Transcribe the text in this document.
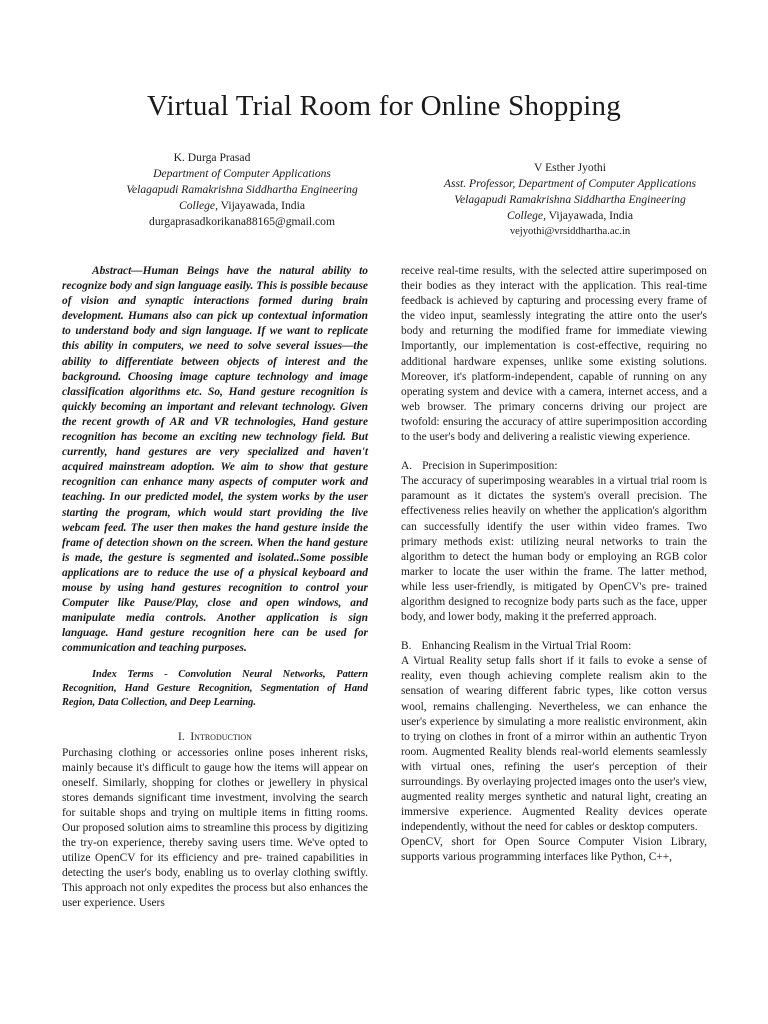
Virtual Trial Room for Online Shopping
K. Durga Prasad
Department of Computer Applications
Velagapudi Ramakrishna Siddhartha Engineering
College, Vijayawada, India
durgaprasadkorikana88165@gmail.com
V Esther Jyothi
Asst. Professor, Department of Computer Applications
Velagapudi Ramakrishna Siddhartha Engineering
College, Vijayawada, India
vejyothi@vrsiddhartha.ac.in

Abstract—Human Beings have the natural ability to recognize body and sign language easily. This is possible because of vision and synaptic interactions formed during brain development. Humans also can pick up contextual information to understand body and sign language. If we want to replicate this ability in computers, we need to solve several issues—the ability to differentiate between objects of interest and the background. Choosing image capture technology and image classification algorithms etc. So, Hand gesture recognition is quickly becoming an important and relevant technology. Given the recent growth of AR and VR technologies, Hand gesture recognition has become an exciting new technology field. But currently, hand gestures are very specialized and haven't acquired mainstream adoption. We aim to show that gesture recognition can enhance many aspects of computer work and teaching. In our predicted model, the system works by the user starting the program, which would start providing the live webcam feed. The user then makes the hand gesture inside the frame of detection shown on the screen. When the hand gesture is made, the gesture is segmented and isolated..Some possible applications are to reduce the use of a physical keyboard and mouse by using hand gestures recognition to control your Computer like Pause/Play, close and open windows, and manipulate media controls. Another application is sign language. Hand gesture recognition here can be used for communication and teaching purposes.

Index Terms - Convolution Neural Networks, Pattern Recognition, Hand Gesture Recognition, Segmentation of Hand Region, Data Collection, and Deep Learning.

I. Introduction

Purchasing clothing or accessories online poses inherent risks, mainly because it's difficult to gauge how the items will appear on oneself. Similarly, shopping for clothes or jewellery in physical stores demands significant time investment, involving the search for suitable shops and trying on multiple items in fitting rooms. Our proposed solution aims to streamline this process by digitizing the try-on experience, thereby saving users time. We've opted to utilize OpenCV for its efficiency and pre- trained capabilities in detecting the user's body, enabling us to overlay clothing swiftly. This approach not only expedites the process but also enhances the user experience. Users

receive real-time results, with the selected attire superimposed on their bodies as they interact with the application. This real-time feedback is achieved by capturing and processing every frame of the video input, seamlessly integrating the attire onto the user's body and returning the modified frame for immediate viewing Importantly, our implementation is cost-effective, requiring no additional hardware expenses, unlike some existing solutions. Moreover, it's platform-independent, capable of running on any operating system and device with a camera, internet access, and a web browser. The primary concerns driving our project are twofold: ensuring the accuracy of attire superimposition according to the user's body and delivering a realistic viewing experience.

A. Precision in Superimposition:

The accuracy of superimposing wearables in a virtual trial room is paramount as it dictates the system's overall precision. The effectiveness relies heavily on whether the application's algorithm can successfully identify the user within video frames. Two primary methods exist: utilizing neural networks to train the algorithm to detect the human body or employing an RGB color marker to locate the user within the frame. The latter method, while less user-friendly, is mitigated by OpenCV's pre- trained algorithm designed to recognize body parts such as the face, upper body, and lower body, making it the preferred approach.

B. Enhancing Realism in the Virtual Trial Room:

A Virtual Reality setup falls short if it fails to evoke a sense of reality, even though achieving complete realism akin to the sensation of wearing different fabric types, like cotton versus wool, remains challenging. Nevertheless, we can enhance the user's experience by simulating a more realistic environment, akin to trying on clothes in front of a mirror within an authentic Tryon room. Augmented Reality blends real-world elements seamlessly with virtual ones, refining the user's perception of their surroundings. By overlaying projected images onto the user's view, augmented reality merges synthetic and natural light, creating an immersive experience. Augmented Reality devices operate independently, without the need for cables or desktop computers.

OpenCV, short for Open Source Computer Vision Library, supports various programming interfaces like Python, C++,
